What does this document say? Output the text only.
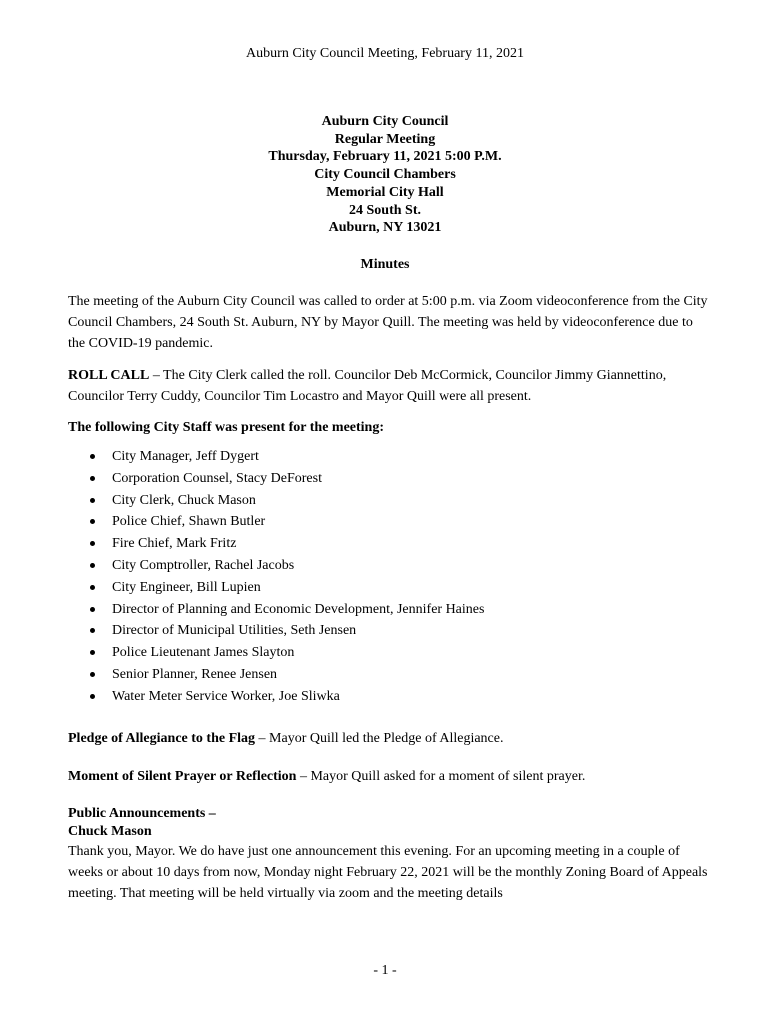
Auburn City Council Meeting, February 11, 2021
Auburn City Council
Regular Meeting
Thursday, February 11, 2021 5:00 P.M.
City Council Chambers
Memorial City Hall
24 South St.
Auburn, NY 13021
Minutes

The meeting of the Auburn City Council was called to order at 5:00 p.m. via Zoom videoconference from the City Council Chambers, 24 South St. Auburn, NY by Mayor Quill. The meeting was held by videoconference due to the COVID-19 pandemic.

ROLL CALL – The City Clerk called the roll. Councilor Deb McCormick, Councilor Jimmy Giannettino, Councilor Terry Cuddy, Councilor Tim Locastro and Mayor Quill were all present.

The following City Staff was present for the meeting:

City Manager, Jeff Dygert
Corporation Counsel, Stacy DeForest
City Clerk, Chuck Mason
Police Chief, Shawn Butler
Fire Chief, Mark Fritz
City Comptroller, Rachel Jacobs
City Engineer, Bill Lupien
Director of Planning and Economic Development, Jennifer Haines
Director of Municipal Utilities, Seth Jensen
Police Lieutenant James Slayton
Senior Planner, Renee Jensen
Water Meter Service Worker, Joe Sliwka

Pledge of Allegiance to the Flag – Mayor Quill led the Pledge of Allegiance.

Moment of Silent Prayer or Reflection – Mayor Quill asked for a moment of silent prayer.

Public Announcements –

Chuck Mason

Thank you, Mayor. We do have just one announcement this evening. For an upcoming meeting in a couple of weeks or about 10 days from now, Monday night February 22, 2021 will be the monthly Zoning Board of Appeals meeting. That meeting will be held virtually via zoom and the meeting details

- 1 -
